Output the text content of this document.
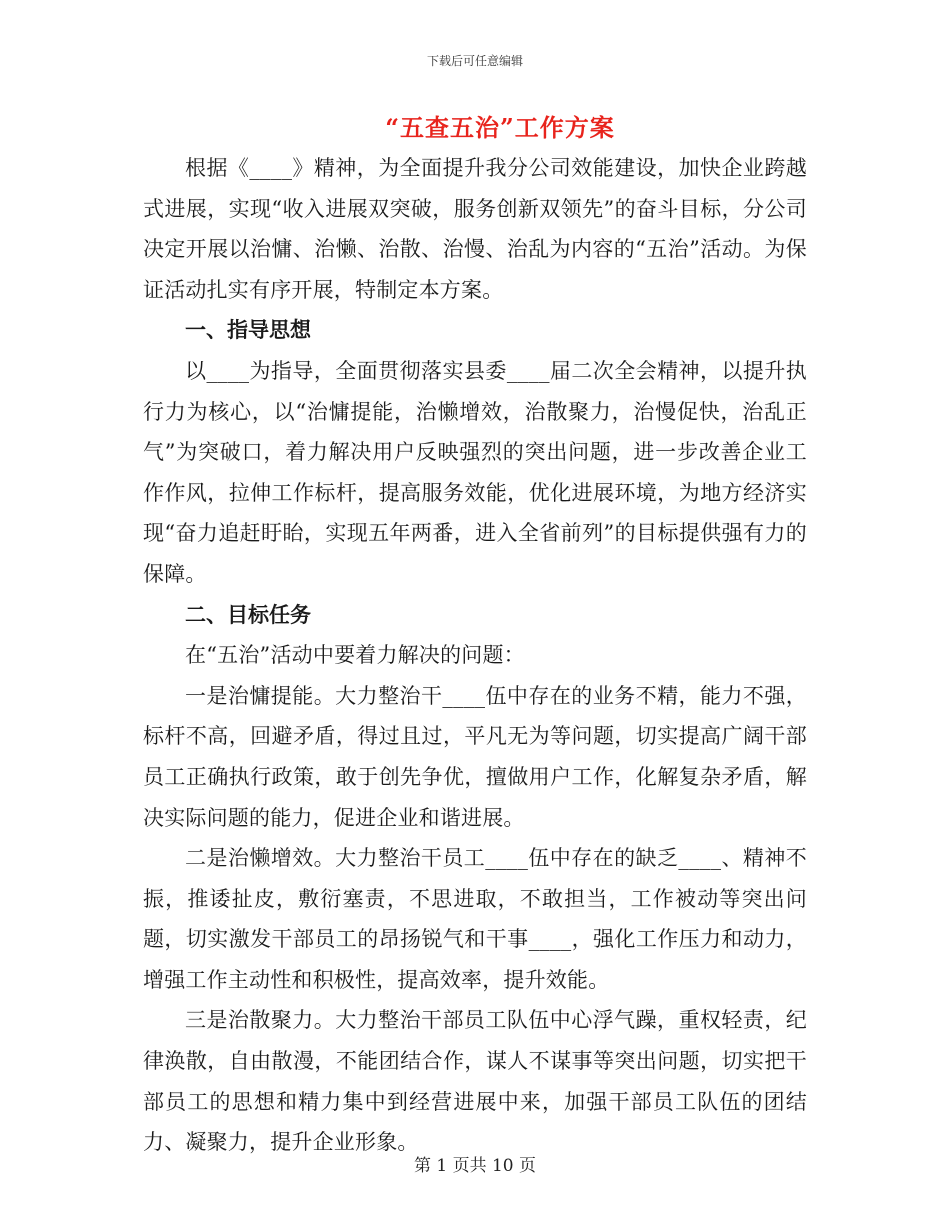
下载后可任意编辑
“五查五治”工作方案

根据《____》精神，为全面提升我分公司效能建设，加快企业跨越式进展，实现“收入进展双突破，服务创新双领先”的奋斗目标，分公司决定开展以治慵、治懒、治散、治慢、治乱为内容的“五治”活动。为保证活动扎实有序开展，特制定本方案。

一、指导思想

以____为指导，全面贯彻落实县委____届二次全会精神，以提升执行力为核心，以“治慵提能，治懒增效，治散聚力，治慢促快，治乱正气”为突破口，着力解决用户反映强烈的突出问题，进一步改善企业工作作风，拉伸工作标杆，提高服务效能，优化进展环境，为地方经济实现“奋力追赶盱眙，实现五年两番，进入全省前列”的目标提供强有力的保障。

二、目标任务

在“五治”活动中要着力解决的问题：

一是治慵提能。大力整治干____伍中存在的业务不精，能力不强，标杆不高，回避矛盾，得过且过，平凡无为等问题，切实提高广阔干部员工正确执行政策，敢于创先争优，擅做用户工作，化解复杂矛盾，解决实际问题的能力，促进企业和谐进展。

二是治懒增效。大力整治干员工____伍中存在的缺乏____、精神不振，推诿扯皮，敷衍塞责，不思进取，不敢担当，工作被动等突出问题，切实激发干部员工的昂扬锐气和干事____，强化工作压力和动力，增强工作主动性和积极性，提高效率，提升效能。

三是治散聚力。大力整治干部员工队伍中心浮气躁，重权轻责，纪律涣散，自由散漫，不能团结合作，谋人不谋事等突出问题，切实把干部员工的思想和精力集中到经营进展中来，加强干部员工队伍的团结力、凝聚力，提升企业形象。

第 1 页共 10 页
